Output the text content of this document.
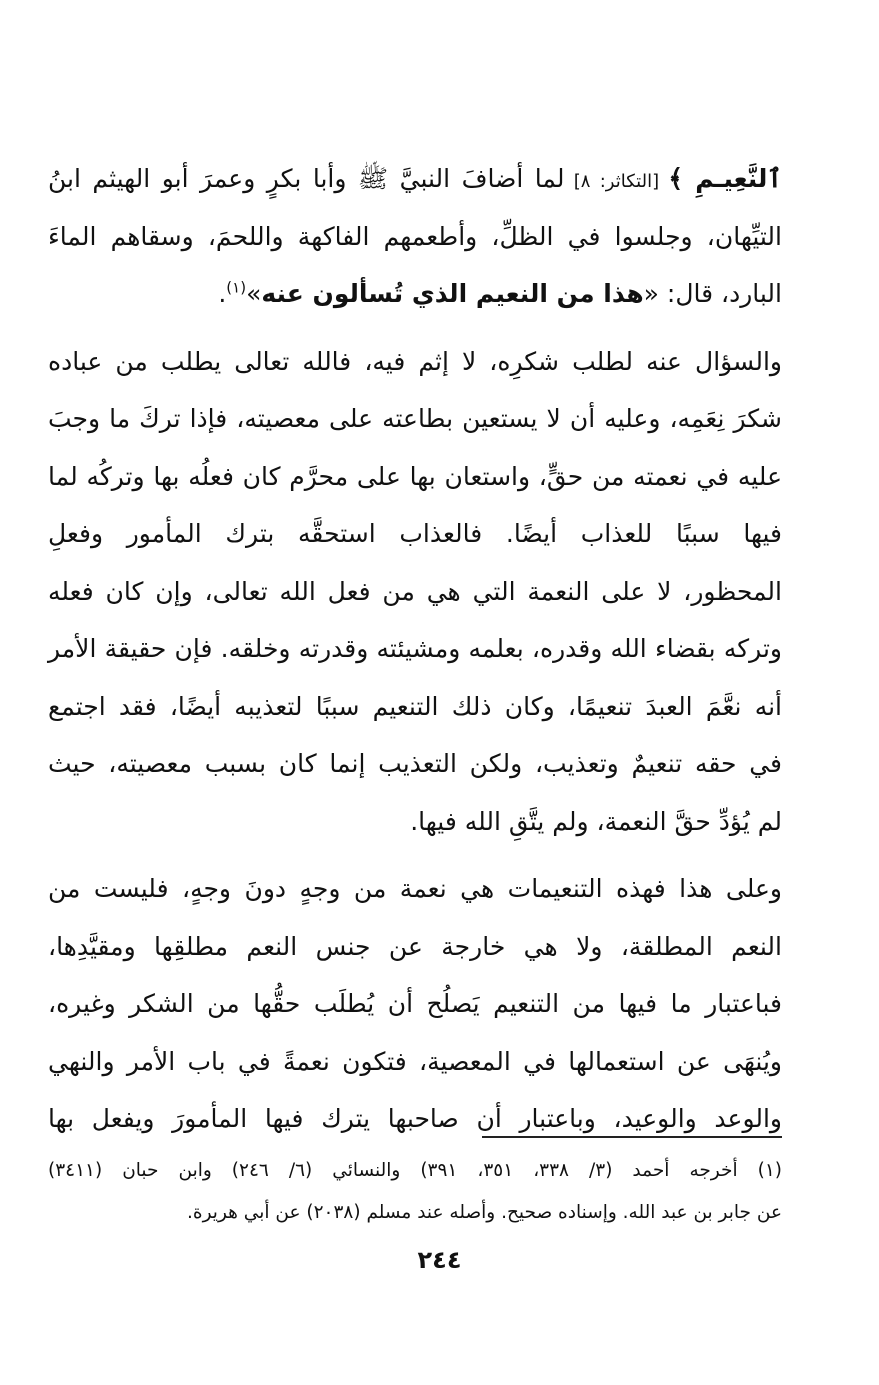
ٱلنَّعِيـمِ ﴾ [التكاثر: ٨] لما أضافَ النبيَّ ﷺ وأبا بكرٍ وعمرَ أبو الهيثم ابنُ
التيِّهان، وجلسوا في الظلِّ، وأطعمهم الفاكهة واللحمَ، وسقاهم الماءَ
البارد، قال: «هذا من النعيم الذي تُسألون عنه»$^{(١)}$.
والسؤال عنه لطلب شكرِه، لا إثم فيه، فالله تعالى يطلب من عباده
شكرَ نِعَمِه، وعليه أن لا يستعين بطاعته على معصيته، فإذا تركَ ما وجبَ
عليه في نعمته من حقٍّ، واستعان بها على محرَّم كان فعلُه بها وتركُه لما
فيها سببًا للعذاب أيضًا. فالعذاب استحقَّه بترك المأمور وفعلِ
المحظور، لا على النعمة التي هي من فعل الله تعالى، وإن كان فعله
وتركه بقضاء الله وقدره، بعلمه ومشيئته وقدرته وخلقه. فإن حقيقة الأمر
أنه نعَّمَ العبدَ تنعيمًا، وكان ذلك التنعيم سببًا لتعذيبه أيضًا، فقد اجتمع
في حقه تنعيمٌ وتعذيب، ولكن التعذيب إنما كان بسبب معصيته، حيث
لم يُؤدِّ حقَّ النعمة، ولم يتَّقِ الله فيها.
وعلى هذا فهذه التنعيمات هي نعمة من وجهٍ دونَ وجهٍ، فليست من
النعم المطلقة، ولا هي خارجة عن جنس النعم مطلقِها ومقيَّدِها،
فباعتبار ما فيها من التنعيم يَصلُح أن يُطلَب حقُّها من الشكر وغيره،
ويُنهَى عن استعمالها في المعصية، فتكون نعمةً في باب الأمر والنهي
والوعد والوعيد، وباعتبار أن صاحبها يترك فيها المأمورَ ويفعل بها
(١) أخرجه أحمد (٣/ ٣٣٨، ٣٥١، ٣٩١) والنسائي (٦/ ٢٤٦) وابن حبان (٣٤١١)
عن جابر بن عبد الله. وإسناده صحيح. وأصله عند مسلم (٢٠٣٨) عن أبي هريرة.
٢٤٤
